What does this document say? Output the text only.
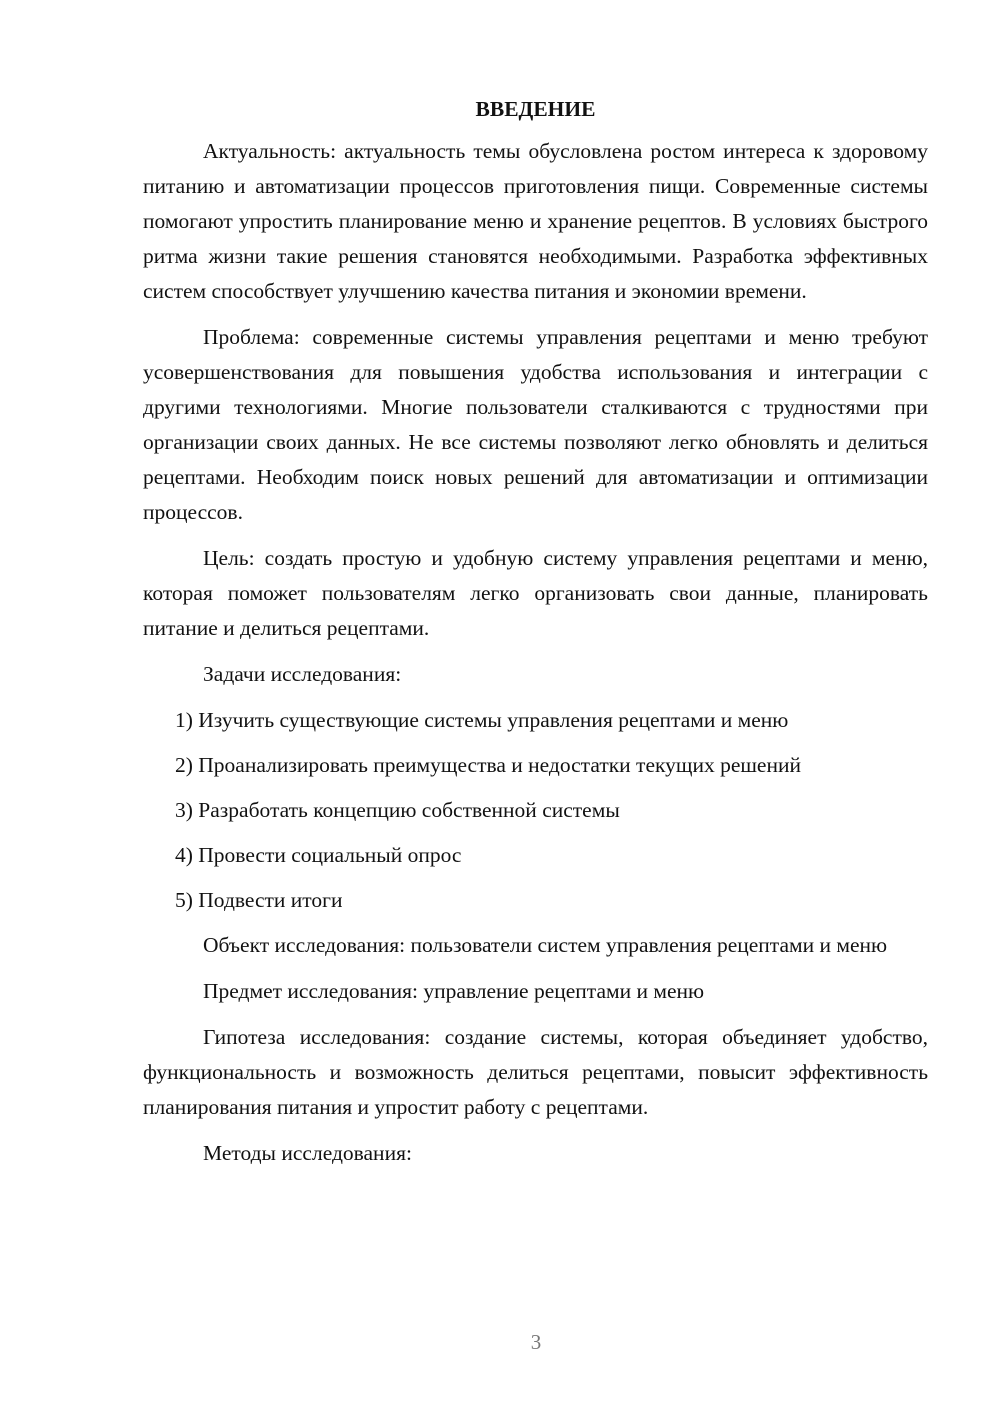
ВВЕДЕНИЕ

Актуальность: актуальность темы обусловлена ростом интереса к здоровому питанию и автоматизации процессов приготовления пищи. Современные системы помогают упростить планирование меню и хранение рецептов. В условиях быстрого ритма жизни такие решения становятся необходимыми. Разработка эффективных систем способствует улучшению качества питания и экономии времени.

Проблема: современные системы управления рецептами и меню требуют усовершенствования для повышения удобства использования и интеграции с другими технологиями. Многие пользователи сталкиваются с трудностями при организации своих данных. Не все системы позволяют легко обновлять и делиться рецептами. Необходим поиск новых решений для автоматизации и оптимизации процессов.

Цель: создать простую и удобную систему управления рецептами и меню, которая поможет пользователям легко организовать свои данные, планировать питание и делиться рецептами.

Задачи исследования:

1) Изучить существующие системы управления рецептами и меню
2) Проанализировать преимущества и недостатки текущих решений
3) Разработать концепцию собственной системы
4) Провести социальный опрос
5) Подвести итоги

Объект исследования: пользователи систем управления рецептами и меню

Предмет исследования: управление рецептами и меню

Гипотеза исследования: создание системы, которая объединяет удобство, функциональность и возможность делиться рецептами, повысит эффективность планирования питания и упростит работу с рецептами.

Методы исследования:

3
